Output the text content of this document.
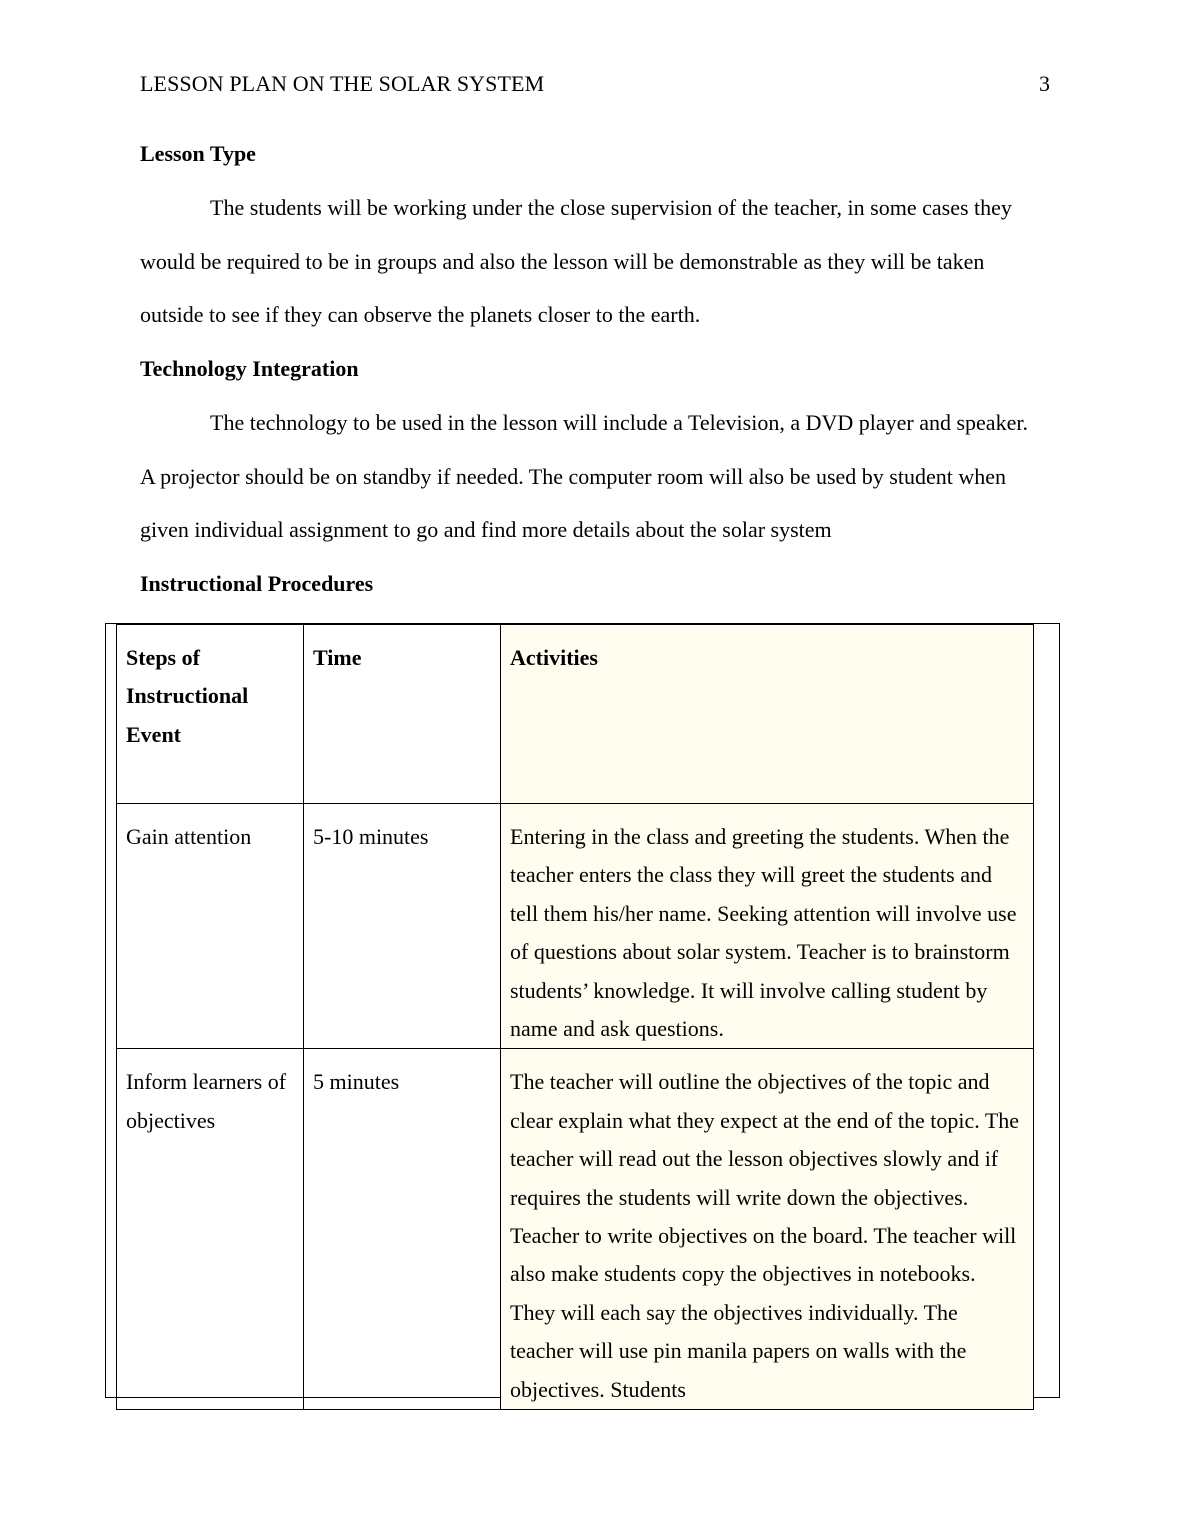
LESSON PLAN ON THE SOLAR SYSTEM	3
Lesson Type

The students will be working under the close supervision of the teacher, in some cases they would be required to be in groups and also the lesson will be demonstrable as they will be taken outside to see if they can observe the planets closer to the earth.

Technology Integration

The technology to be used in the lesson will include a Television, a DVD player and speaker. A projector should be on standby if needed. The computer room will also be used by student when given individual assignment to go and find more details about the solar system

Instructional Procedures
Steps of Instructional Event	Time	Activities

Gain attention	5-10 minutes	Entering in the class and greeting the students. When the teacher enters the class they will greet the students and tell them his/her name. Seeking attention will involve use of questions about solar system. Teacher is to brainstorm students’ knowledge. It will involve calling student by name and ask questions.

Inform learners of objectives	5 minutes	The teacher will outline the objectives of the topic and clear explain what they expect at the end of the topic. The teacher will read out the lesson objectives slowly and if requires the students will write down the objectives. Teacher to write objectives on the board. The teacher will also make students copy the objectives in notebooks. They will each say the objectives individually. The teacher will use pin manila papers on walls with the objectives. Students
